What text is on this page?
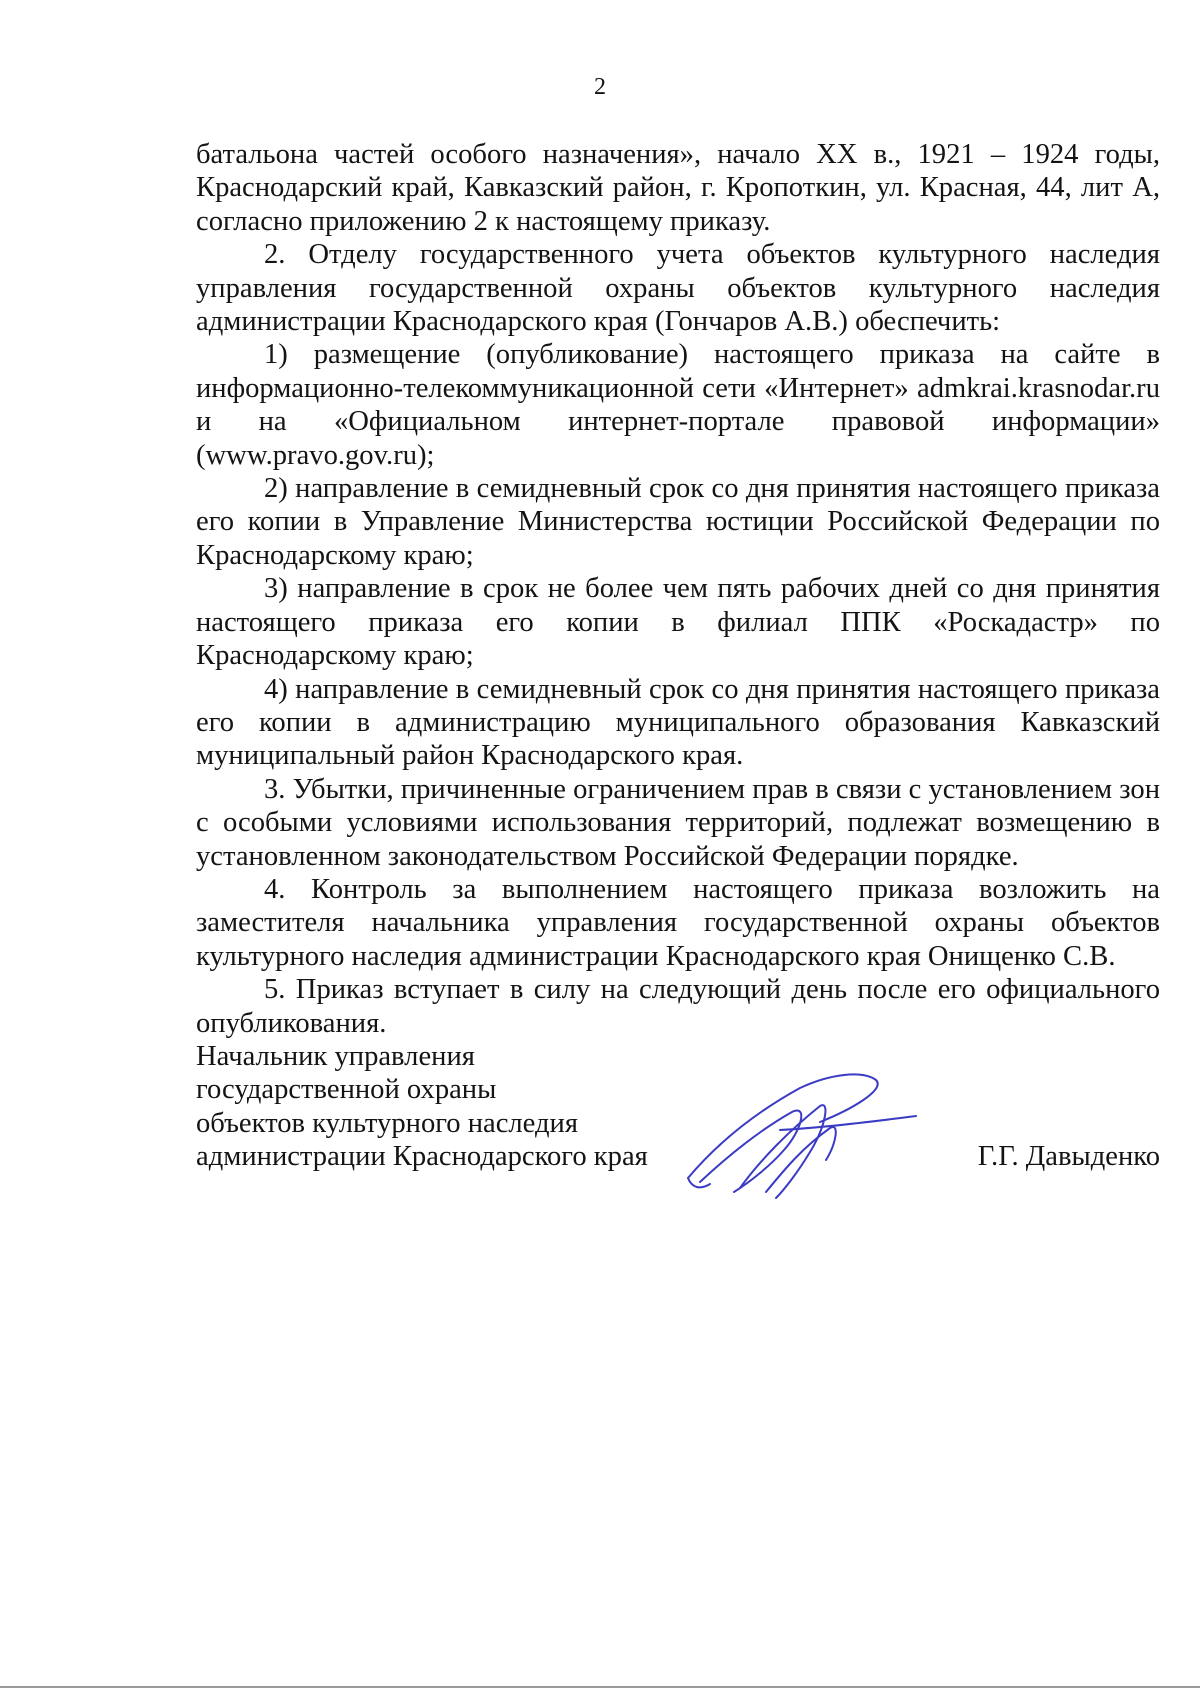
2

батальона частей особого назначения», начало XX в., 1921 – 1924 годы, Краснодарский край, Кавказский район, г. Кропоткин, ул. Красная, 44, лит А, согласно приложению 2 к настоящему приказу.

2. Отделу государственного учета объектов культурного наследия управления государственной охраны объектов культурного наследия администрации Краснодарского края (Гончаров А.В.) обеспечить:

1) размещение (опубликование) настоящего приказа на сайте в информационно-телекоммуникационной сети «Интернет» admkrai.krasnodar.ru и на «Официальном интернет-портале правовой информации» (www.pravo.gov.ru);

2) направление в семидневный срок со дня принятия настоящего приказа его копии в Управление Министерства юстиции Российской Федерации по Краснодарскому краю;

3) направление в срок не более чем пять рабочих дней со дня принятия настоящего приказа его копии в филиал ППК «Роскадастр» по Краснодарскому краю;

4) направление в семидневный срок со дня принятия настоящего приказа его копии в администрацию муниципального образования Кавказский муниципальный район Краснодарского края.

3. Убытки, причиненные ограничением прав в связи с установлением зон с особыми условиями использования территорий, подлежат возмещению в установленном законодательством Российской Федерации порядке.

4. Контроль за выполнением настоящего приказа возложить на заместителя начальника управления государственной охраны объектов культурного наследия администрации Краснодарского края Онищенко С.В.

5. Приказ вступает в силу на следующий день после его официального опубликования.

Начальник управления
государственной охраны
объектов культурного наследия
администрации Краснодарского края	Г.Г. Давыденко
